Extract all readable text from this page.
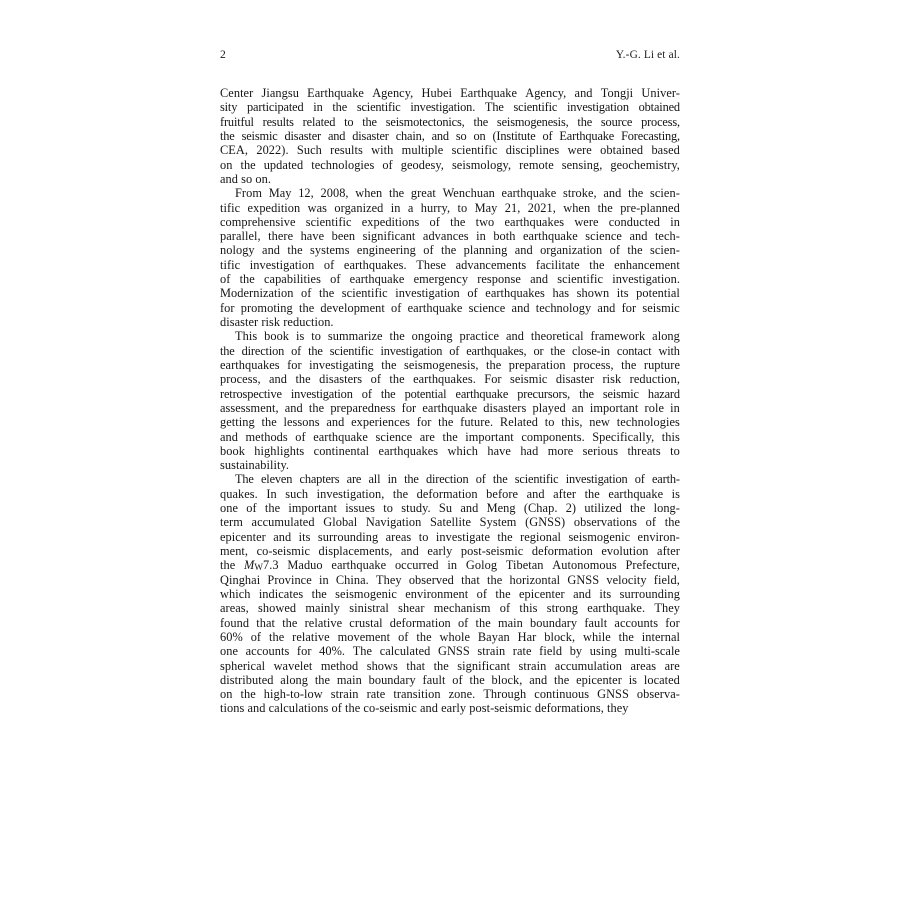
2	Y.-G. Li et al.
Center Jiangsu Earthquake Agency, Hubei Earthquake Agency, and Tongji Univer-
sity participated in the scientific investigation. The scientific investigation obtained
fruitful results related to the seismotectonics, the seismogenesis, the source process,
the seismic disaster and disaster chain, and so on (Institute of Earthquake Forecasting,
CEA, 2022). Such results with multiple scientific disciplines were obtained based
on the updated technologies of geodesy, seismology, remote sensing, geochemistry,
and so on.
From May 12, 2008, when the great Wenchuan earthquake stroke, and the scien-
tific expedition was organized in a hurry, to May 21, 2021, when the pre-planned
comprehensive scientific expeditions of the two earthquakes were conducted in
parallel, there have been significant advances in both earthquake science and tech-
nology and the systems engineering of the planning and organization of the scien-
tific investigation of earthquakes. These advancements facilitate the enhancement
of the capabilities of earthquake emergency response and scientific investigation.
Modernization of the scientific investigation of earthquakes has shown its potential
for promoting the development of earthquake science and technology and for seismic
disaster risk reduction.
This book is to summarize the ongoing practice and theoretical framework along
the direction of the scientific investigation of earthquakes, or the close-in contact with
earthquakes for investigating the seismogenesis, the preparation process, the rupture
process, and the disasters of the earthquakes. For seismic disaster risk reduction,
retrospective investigation of the potential earthquake precursors, the seismic hazard
assessment, and the preparedness for earthquake disasters played an important role in
getting the lessons and experiences for the future. Related to this, new technologies
and methods of earthquake science are the important components. Specifically, this
book highlights continental earthquakes which have had more serious threats to
sustainability.
The eleven chapters are all in the direction of the scientific investigation of earth-
quakes. In such investigation, the deformation before and after the earthquake is
one of the important issues to study. Su and Meng (Chap. 2) utilized the long-
term accumulated Global Navigation Satellite System (GNSS) observations of the
epicenter and its surrounding areas to investigate the regional seismogenic environ-
ment, co-seismic displacements, and early post-seismic deformation evolution after
the MW7.3 Maduo earthquake occurred in Golog Tibetan Autonomous Prefecture,
Qinghai Province in China. They observed that the horizontal GNSS velocity field,
which indicates the seismogenic environment of the epicenter and its surrounding
areas, showed mainly sinistral shear mechanism of this strong earthquake. They
found that the relative crustal deformation of the main boundary fault accounts for
60% of the relative movement of the whole Bayan Har block, while the internal
one accounts for 40%. The calculated GNSS strain rate field by using multi-scale
spherical wavelet method shows that the significant strain accumulation areas are
distributed along the main boundary fault of the block, and the epicenter is located
on the high-to-low strain rate transition zone. Through continuous GNSS observa-
tions and calculations of the co-seismic and early post-seismic deformations, they
